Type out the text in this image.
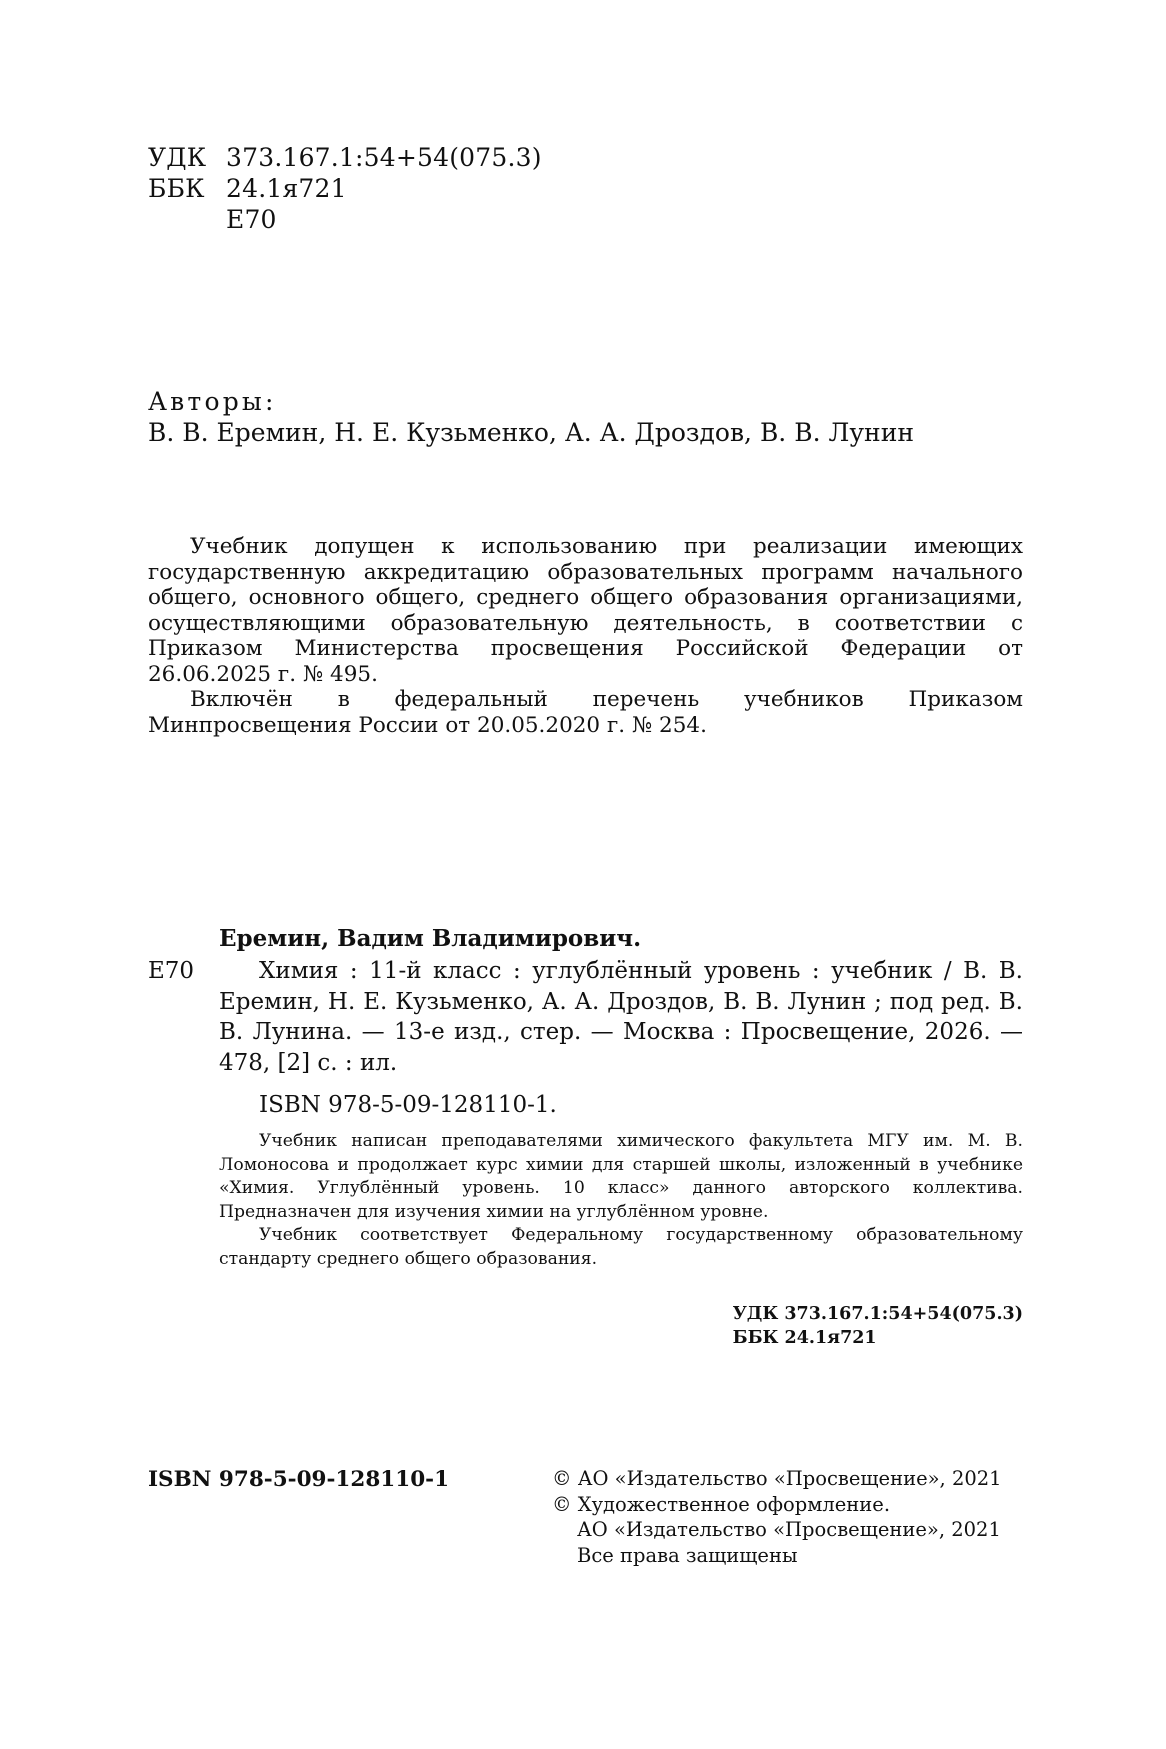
УДК 373.167.1:54+54(075.3)
ББК 24.1я721
Е70
Авторы:
В. В. Еремин, Н. Е. Кузьменко, А. А. Дроздов, В. В. Лунин

Учебник допущен к использованию при реализации имеющих государственную аккредитацию образовательных программ начального общего, основного общего, среднего общего образования организациями, осуществляющими образовательную деятельность, в соответствии с Приказом Министерства просвещения Российской Федерации от 26.06.2025 г. № 495.

Включён в федеральный перечень учебников Приказом Минпросвещения России от 20.05.2020 г. № 254.

Еремин, Вадим Владимирович.
Е70	Химия : 11-й класс : углублённый уровень : учебник / В. В. Еремин, Н. Е. Кузьменко, А. А. Дроздов, В. В. Лунин ; под ред. В. В. Лунина. — 13-е изд., стер. — Москва : Просвещение, 2026. — 478, [2] с. : ил.

ISBN 978-5-09-128110-1.

Учебник написан преподавателями химического факультета МГУ им. М. В. Ломоносова и продолжает курс химии для старшей школы, изложенный в учебнике «Химия. Углублённый уровень. 10 класс» данного авторского коллектива. Предназначен для изучения химии на углублённом уровне.

Учебник соответствует Федеральному государственному образовательному стандарту среднего общего образования.

УДК 373.167.1:54+54(075.3)
ББК 24.1я721
ISBN 978-5-09-128110-1	© АО «Издательство «Просвещение», 2021
© Художественное оформление.
АО «Издательство «Просвещение», 2021
Все права защищены
